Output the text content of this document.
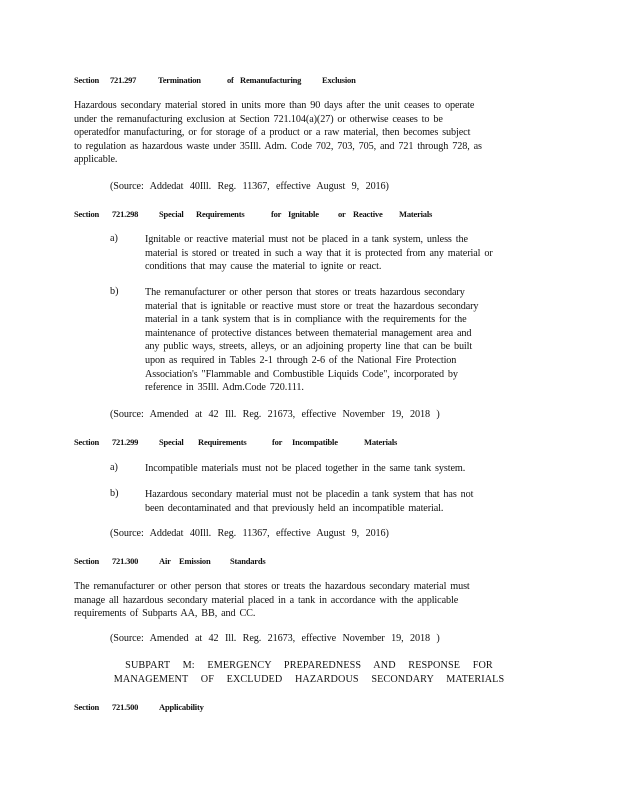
Section 721.297	Termination	of Remanufacturing Exclusion
Hazardous secondary material stored in units more than 90 days after the unit ceases to operate
under the remanufacturing exclusion at Section 721.104(a)(27) or otherwise ceases to be
operatedfor manufacturing, or for storage of a product or a raw material, then becomes subject
to regulation as hazardous waste under 35Ill. Adm. Code 702, 703, 705, and 721 through 728, as
applicable.
(Source: Addedat 40Ill. Reg. 11367, effective August 9, 2016)
Section 721.298 Special Requirements	for Ignitable or Reactive Materials
a)	Ignitable or reactive material must not be placed in a tank system, unless the
material is stored or treated in such a way that it is protected from any material or
conditions that may cause the material to ignite or react.
b)	The remanufacturer or other person that stores or treats hazardous secondary
material that is ignitable or reactive must store or treat the hazardous secondary
material in a tank system that is in compliance with the requirements for the
maintenance of protective distances between thematerial management area and
any public ways, streets, alleys, or an adjoining property line that can be built
upon as required in Tables 2-1 through 2-6 of the National Fire Protection
Association's "Flammable and Combustible Liquids Code", incorporated by
reference in 35Ill. Adm.Code 720.111.
(Source: Amended at 42 Ill. Reg. 21673, effective November 19, 2018 )
Section 721.299 Special Requirements	for Incompatible	Materials
a)	Incompatible materials must not be placed together in the same tank system.
b)	Hazardous secondary material must not be placedin a tank system that has not
been decontaminated and that previously held an incompatible material.
(Source: Addedat 40Ill. Reg. 11367, effective August 9, 2016)
Section 721.300 Air Emission Standards
The remanufacturer or other person that stores or treats the hazardous secondary material must
manage all hazardous secondary material placed in a tank in accordance with the applicable
requirements of Subparts AA, BB, and CC.
(Source: Amended at 42 Ill. Reg. 21673, effective November 19, 2018 )
SUBPART M: EMERGENCY PREPAREDNESS AND RESPONSE FOR
MANAGEMENT OF EXCLUDED HAZARDOUS SECONDARY MATERIALS
Section 721.500 Applicability
